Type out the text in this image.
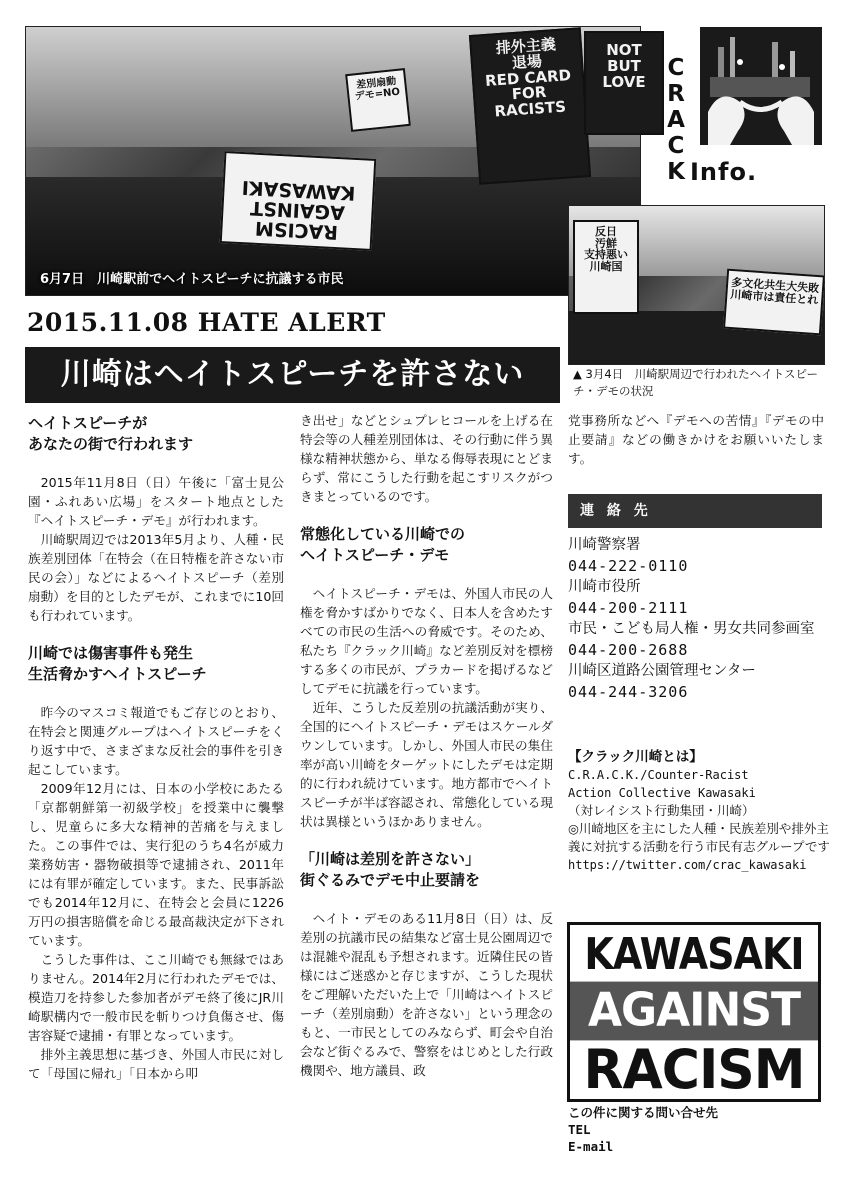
排外主義
退場
RED CARD
FOR
RACISTS
NOT
BUT LOVE
差別扇動
デモ=NO
RACISM
AGAINST
KAWASAKI
6月7日　川崎駅前でヘイトスピーチに抗議する市民
C
R
A
C
K Info.
反日
汚鮮
支持悪い
川崎国
多文化共生大失敗
川崎市は責任とれ
▲ 3月4日　川崎駅周辺で行われたヘイトスピーチ・デモの状況
2015.11.08 HATE ALERT
川崎はヘイトスピーチを許さない
ヘイトスピーチが
あなたの街で行われます

2015年11月8日（日）午後に「富士見公園・ふれあい広場」をスタート地点とした『ヘイトスピーチ・デモ』が行われます。

川崎駅周辺では2013年5月より、人種・民族差別団体「在特会（在日特権を許さない市民の会）」などによるヘイトスピーチ（差別扇動）を目的としたデモが、これまでに10回も行われています。

川崎では傷害事件も発生
生活脅かすヘイトスピーチ

昨今のマスコミ報道でもご存じのとおり、在特会と関連グループはヘイトスピーチをくり返す中で、さまざまな反社会的事件を引き起こしています。

2009年12月には、日本の小学校にあたる「京都朝鮮第一初級学校」を授業中に襲撃し、児童らに多大な精神的苦痛を与えました。この事件では、実行犯のうち4名が威力業務妨害・器物破損等で逮捕され、2011年には有罪が確定しています。また、民事訴訟でも2014年12月に、在特会と会員に1226万円の損害賠償を命じる最高裁決定が下されています。

こうした事件は、ここ川崎でも無縁ではありません。2014年2月に行われたデモでは、模造刀を持参した参加者がデモ終了後にJR川崎駅構内で一般市民を斬りつけ負傷させ、傷害容疑で逮捕・有罪となっています。

排外主義思想に基づき、外国人市民に対して「母国に帰れ」「日本から叩

き出せ」などとシュプレヒコールを上げる在特会等の人種差別団体は、その行動に伴う異様な精神状態から、単なる侮辱表現にとどまらず、常にこうした行動を起こすリスクがつきまとっているのです。

常態化している川崎での
ヘイトスピーチ・デモ

ヘイトスピーチ・デモは、外国人市民の人権を脅かすばかりでなく、日本人を含めたすべての市民の生活への脅威です。そのため、私たち『クラック川崎』など差別反対を標榜する多くの市民が、プラカードを掲げるなどしてデモに抗議を行っています。

近年、こうした反差別の抗議活動が実り、全国的にヘイトスピーチ・デモはスケールダウンしています。しかし、外国人市民の集住率が高い川崎をターゲットにしたデモは定期的に行われ続けています。地方都市でヘイトスピーチが半ば容認され、常態化している現状は異様というほかありません。

「川崎は差別を許さない」
街ぐるみでデモ中止要請を

ヘイト・デモのある11月8日（日）は、反差別の抗議市民の結集など富士見公園周辺では混雑や混乱も予想されます。近隣住民の皆様にはご迷惑かと存じますが、こうした現状をご理解いただいた上で「川崎はヘイトスピーチ（差別扇動）を許さない」という理念のもと、一市民としてのみならず、町会や自治会など街ぐるみで、警察をはじめとした行政機関や、地方議員、政

党事務所などへ『デモへの苦情』『デモの中止要請』などの働きかけをお願いいたします。

連 絡 先
川崎警察署
044-222-0110
川崎市役所
044-200-2111
市民・こども局人権・男女共同参画室
044-200-2688
川崎区道路公園管理センター
044-244-3206
【クラック川崎とは】
C.R.A.C.K./Counter-Racist
Action Collective Kawasaki
（対レイシスト行動集団・川崎）
◎川崎地区を主にした人種・民族差別や排外主義に対抗する活動を行う市民有志グループです
https://twitter.com/crac_kawasaki
KAWASAKI
AGAINST
RACISM
この件に関する問い合せ先
TEL
E-mail
